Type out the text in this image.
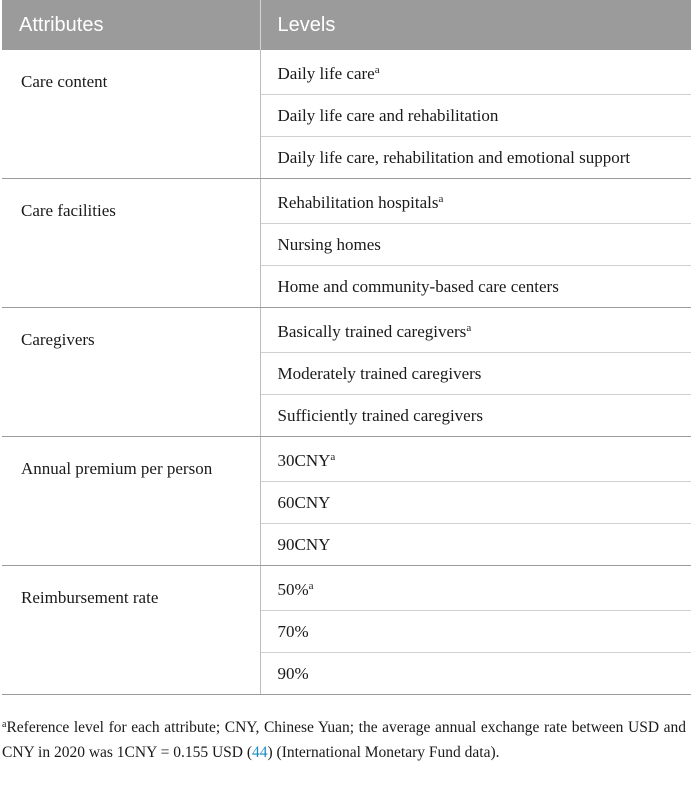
Attributes	Levels
Care content	Daily life care$^a$
Daily life care and rehabilitation
Daily life care, rehabilitation and emotional support

Care facilities	Rehabilitation hospitals$^a$
Nursing homes
Home and community-based care centers

Caregivers	Basically trained caregivers$^a$
Moderately trained caregivers
Sufficiently trained caregivers

Annual premium per person	30CNY$^a$
60CNY
90CNY

Reimbursement rate	50%$^a$
70%
90%
$^a$Reference level for each attribute; CNY, Chinese Yuan; the average annual exchange rate between USD and CNY in 2020 was 1CNY = 0.155 USD (44) (International Monetary Fund data).
